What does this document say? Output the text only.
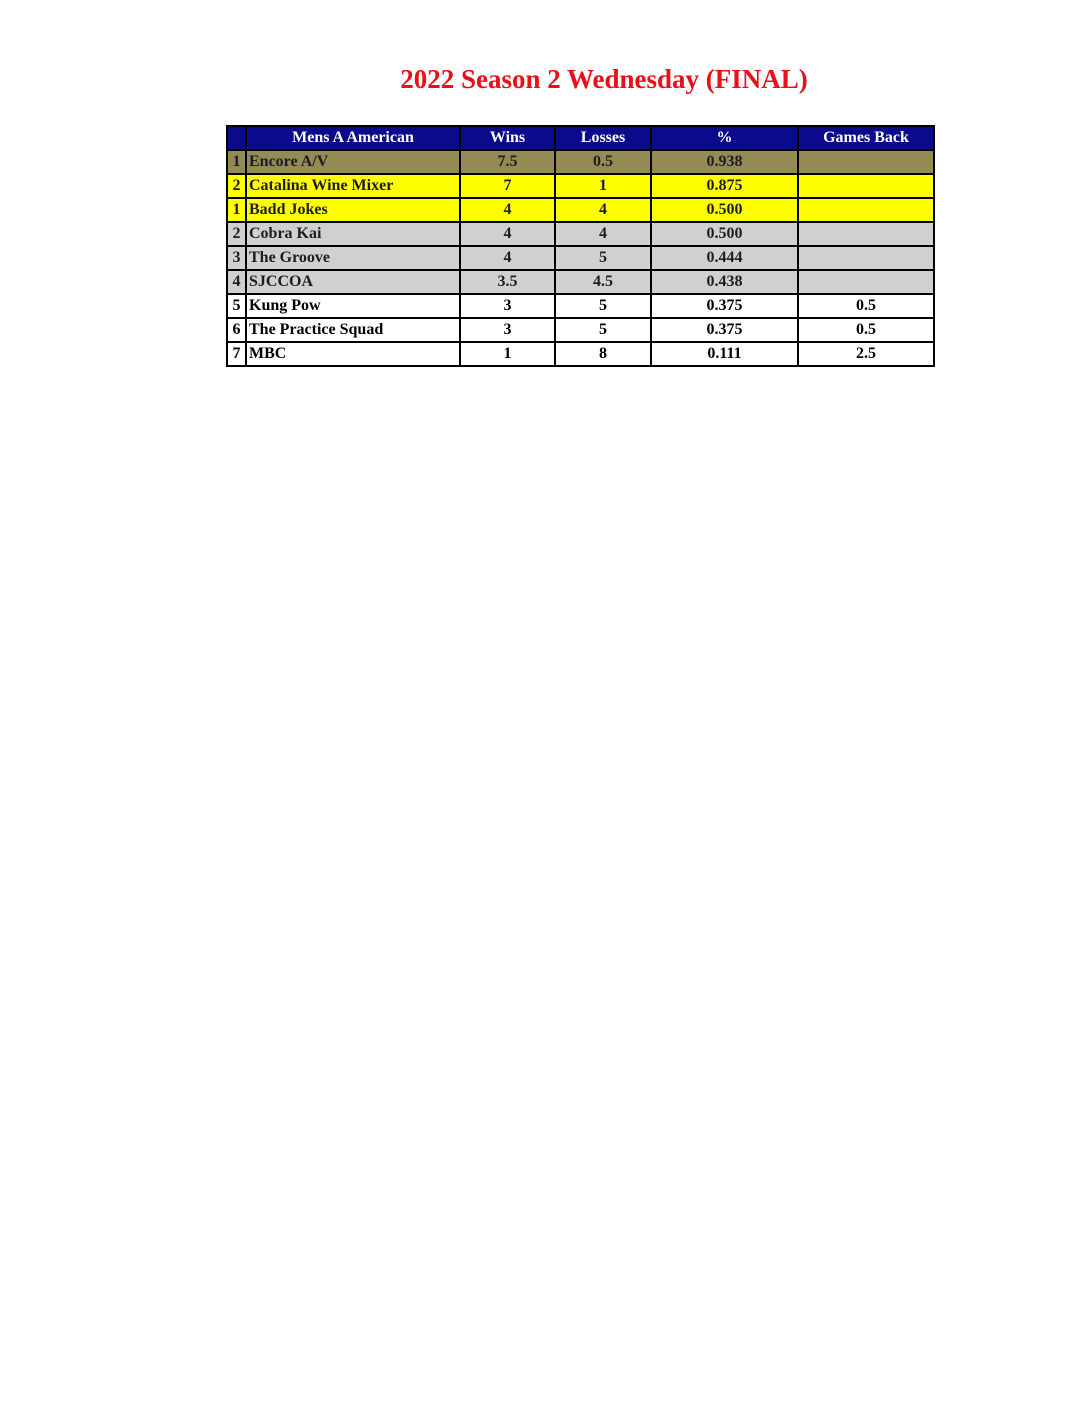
2022 Season 2 Wednesday (FINAL)
	Mens A American	Wins	Losses	%	Games Back
1	Encore A/V	7.5	0.5	0.938	
2	Catalina Wine Mixer	7	1	0.875	
1	Badd Jokes	4	4	0.500	
2	Cobra Kai	4	4	0.500	
3	The Groove	4	5	0.444	
4	SJCCOA	3.5	4.5	0.438	
5	Kung Pow	3	5	0.375	0.5
6	The Practice Squad	3	5	0.375	0.5
7	MBC	1	8	0.111	2.5
